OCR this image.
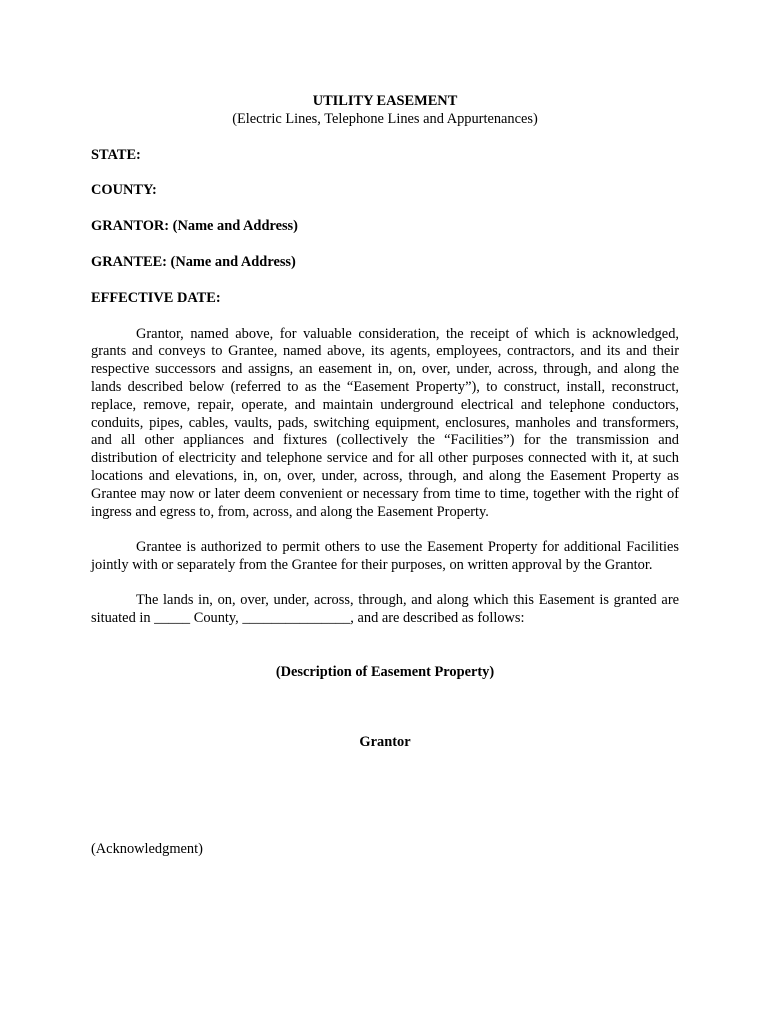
UTILITY EASEMENT

(Electric Lines, Telephone Lines and Appurtenances)

STATE:

COUNTY:

GRANTOR: (Name and Address)

GRANTEE: (Name and Address)

EFFECTIVE DATE:

Grantor, named above, for valuable consideration, the receipt of which is acknowledged, grants and conveys to Grantee, named above, its agents, employees, contractors, and its and their respective successors and assigns, an easement in, on, over, under, across, through, and along the lands described below (referred to as the “Easement Property”), to construct, install, reconstruct, replace, remove, repair, operate, and maintain underground electrical and telephone conductors, conduits, pipes, cables, vaults, pads, switching equipment, enclosures, manholes and transformers, and all other appliances and fixtures (collectively the “Facilities”) for the transmission and distribution of electricity and telephone service and for all other purposes connected with it, at such locations and elevations, in, on, over, under, across, through, and along the Easement Property as Grantee may now or later deem convenient or necessary from time to time, together with the right of ingress and egress to, from, across, and along the Easement Property.

Grantee is authorized to permit others to use the Easement Property for additional Facilities jointly with or separately from the Grantee for their purposes, on written approval by the Grantor.

The lands in, on, over, under, across, through, and along which this Easement is granted are situated in _____ County, _______________, and are described as follows:

(Description of Easement Property)

Grantor

(Acknowledgment)
